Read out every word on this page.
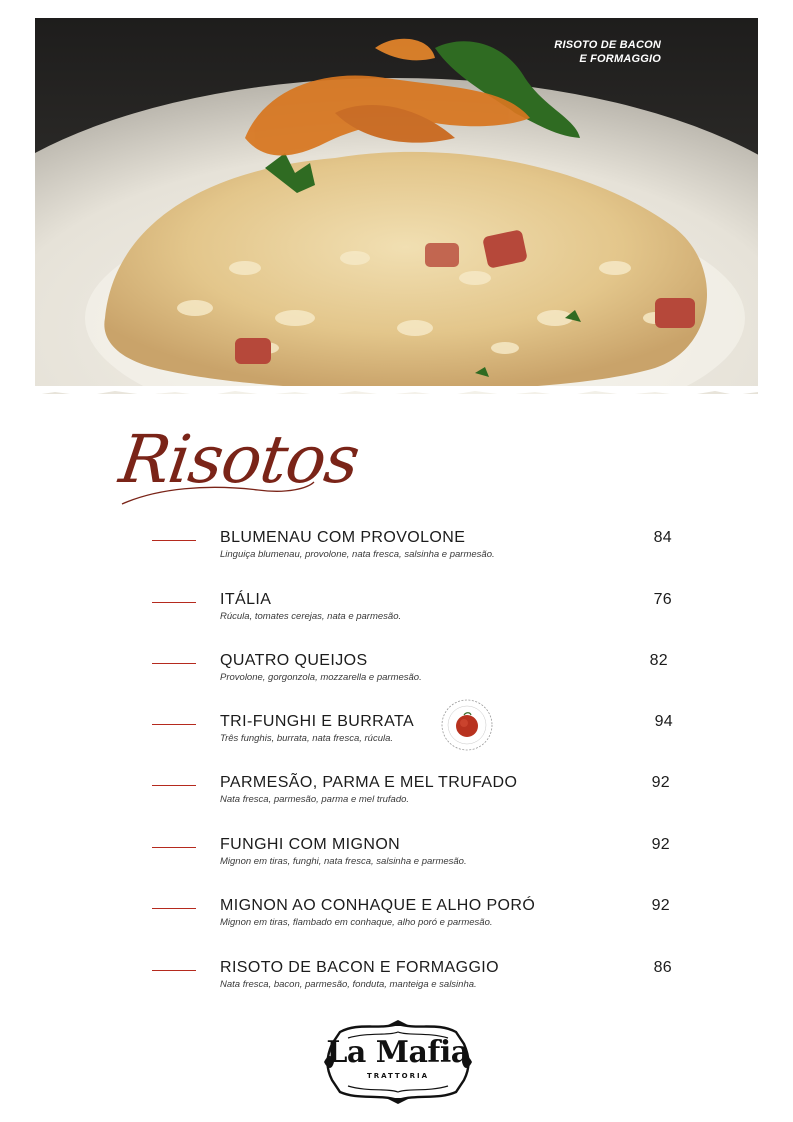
RISOTO DE BACON
E FORMAGGIO
Risotos
BLUMENAU COM PROVOLONE
Linguiça blumenau, provolone, nata fresca, salsinha e parmesão.
84
ITÁLIA
Rúcula, tomates cerejas, nata e parmesão.
76
QUATRO QUEIJOS
Provolone, gorgonzola, mozzarella e parmesão.
82
TRI-FUNGHI E BURRATA
Três funghis, burrata, nata fresca, rúcula.
94
PARMESÃO, PARMA E MEL TRUFADO
Nata fresca, parmesão, parma e mel trufado.
92
FUNGHI COM MIGNON
Mignon em tiras, funghi, nata fresca, salsinha e parmesão.
92
MIGNON AO CONHAQUE E ALHO PORÓ
Mignon em tiras, flambado em conhaque, alho poró e parmesão.
92
RISOTO DE BACON E FORMAGGIO
Nata fresca, bacon, parmesão, fonduta, manteiga e salsinha.
86
La Mafia
TRATTORIA
